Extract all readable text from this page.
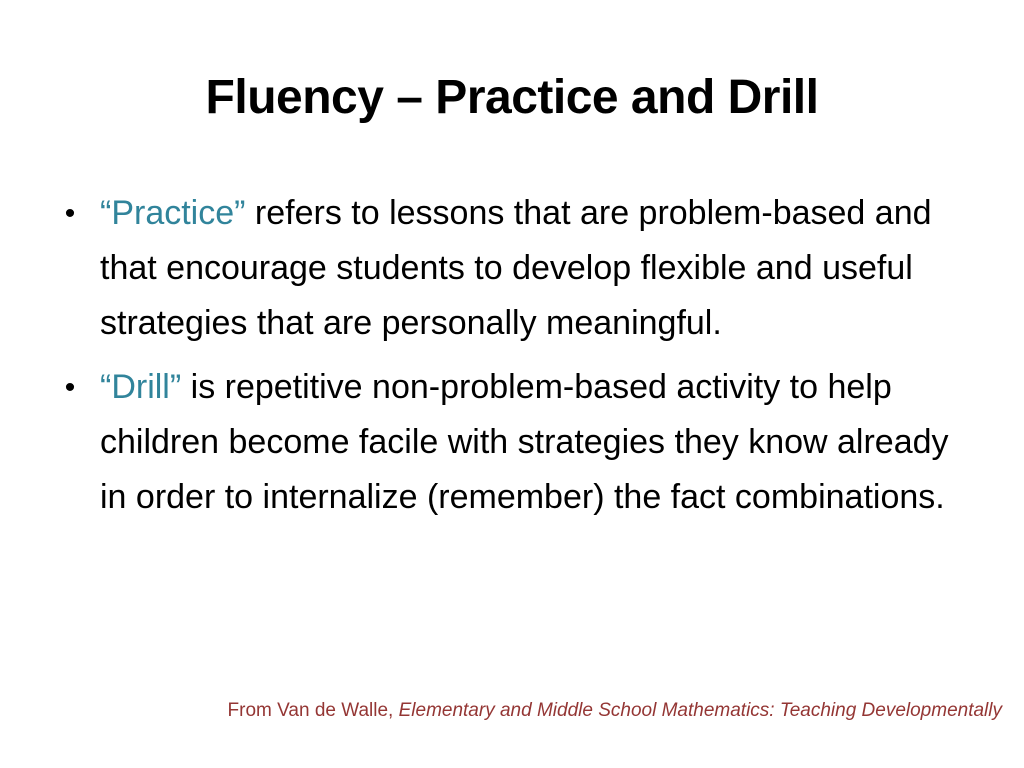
Fluency – Practice and Drill
• “Practice” refers to lessons that are problem-based and that encourage students to develop flexible and useful strategies that are personally meaningful.
• “Drill” is repetitive non-problem-based activity to help children become facile with strategies they know already in order to internalize (remember) the fact combinations.
From Van de Walle, Elementary and Middle School Mathematics: Teaching Developmentally
